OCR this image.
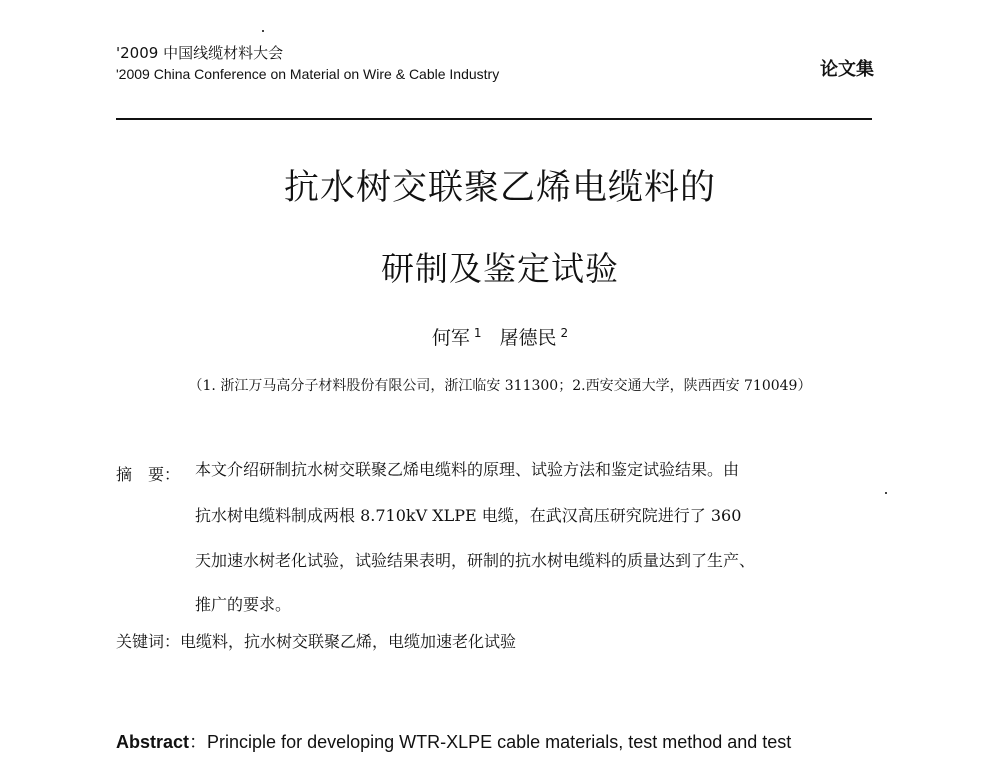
'2009 中国线缆材料大会
'2009 China Conference on Material on Wire & Cable Industry	论文集
抗水树交联聚乙烯电缆料的
研制及鉴定试验
何军 $^1$ 屠德民 $^2$
（1. 浙江万马高分子材料股份有限公司，浙江临安 311300；2.西安交通大学，陕西西安 710049）
摘　要： 本文介绍研制抗水树交联聚乙烯电缆料的原理、试验方法和鉴定试验结果。由
抗水树电缆料制成两根 8.710kV XLPE 电缆，在武汉高压研究院进行了 360
天加速水树老化试验，试验结果表明，研制的抗水树电缆料的质量达到了生产、
推广的要求。
关键词：电缆料，抗水树交联聚乙烯，电缆加速老化试验
Abstract：Principle for developing WTR-XLPE cable materials, test method and test
